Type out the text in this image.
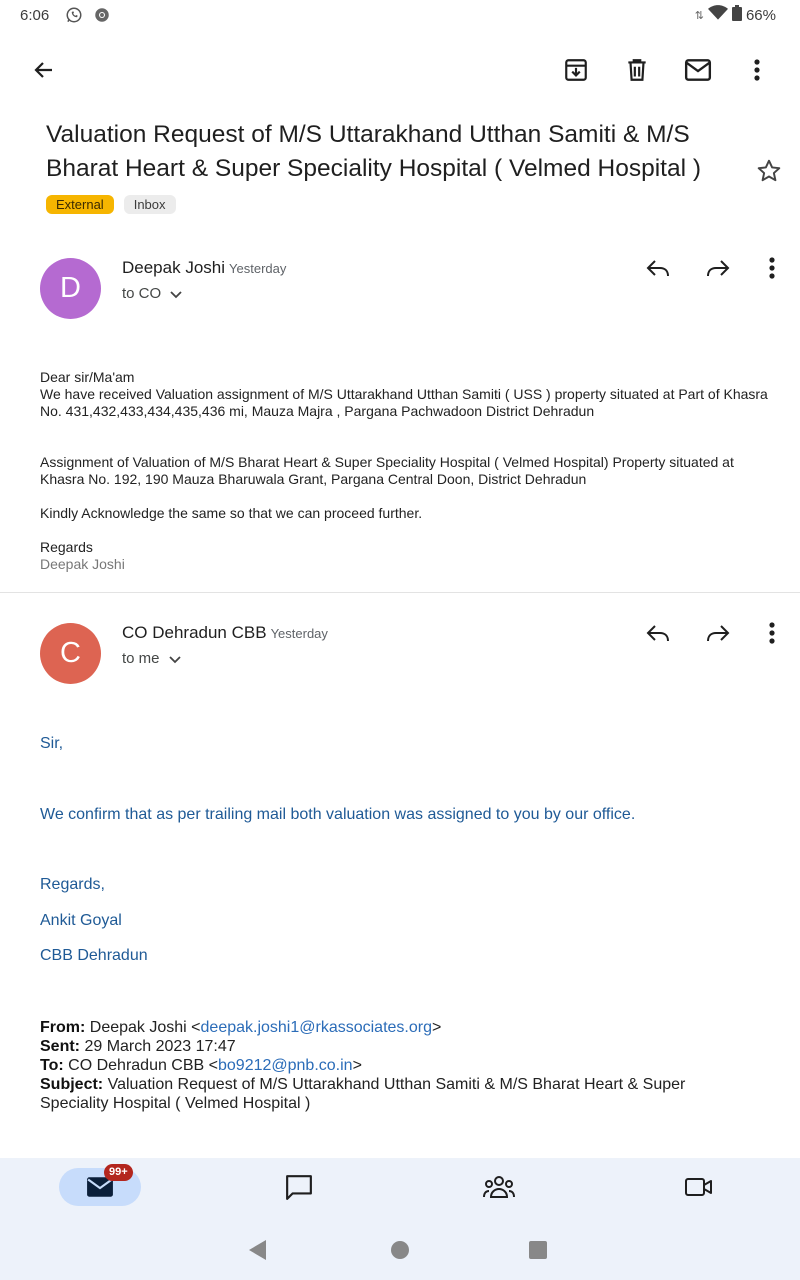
6:06	⇅	66%
Valuation Request of M/S Uttarakhand Utthan Samiti & M/S Bharat Heart & Super Speciality Hospital ( Velmed Hospital )
External	Inbox
D
Deepak Joshi Yesterday
to CO

Dear sir/Ma'am

We have received Valuation assignment of M/S Uttarakhand Utthan Samiti ( USS ) property situated at Part of Khasra No. 431,432,433,434,435,436 mi, Mauza Majra , Pargana Pachwadoon District Dehradun

Assignment of Valuation of M/S Bharat Heart & Super Speciality Hospital ( Velmed Hospital) Property situated at Khasra No. 192, 190 Mauza Bharuwala Grant, Pargana Central Doon, District Dehradun
Kindly Acknowledge the same so that we can proceed further.
Regards
Deepak Joshi
C
CO Dehradun CBB Yesterday
to me
Sir,
We confirm that as per trailing mail both valuation was assigned to you by our office.
Regards,
Ankit Goyal
CBB Dehradun
From: Deepak Joshi <deepak.joshi1@rkassociates.org>
Sent: 29 March 2023 17:47
To: CO Dehradun CBB <bo9212@pnb.co.in>
Subject: Valuation Request of M/S Uttarakhand Utthan Samiti & M/S Bharat Heart & Super Speciality Hospital ( Velmed Hospital )
99+
